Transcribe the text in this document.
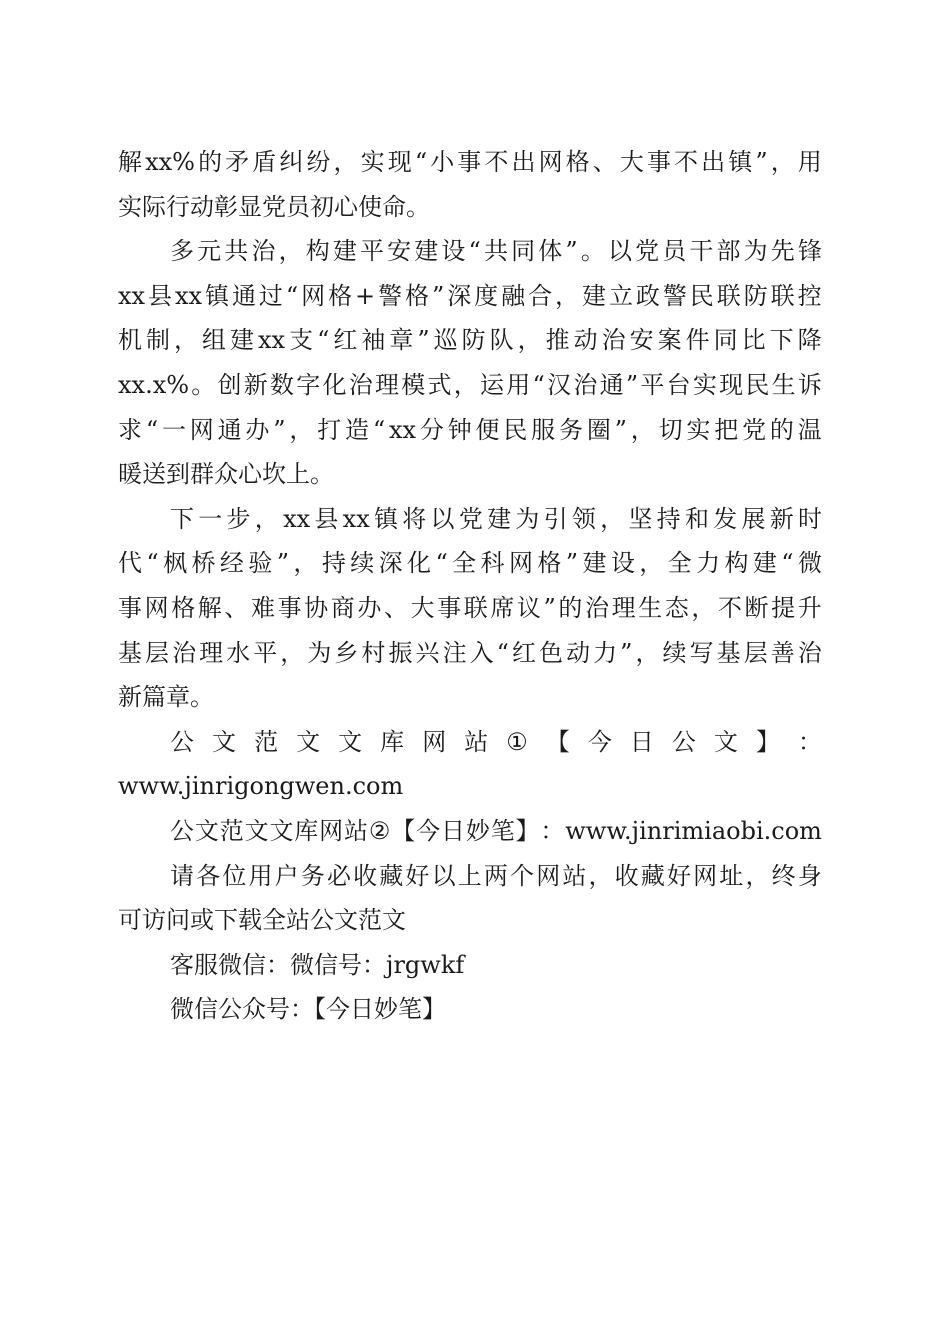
解 xx% 的 矛 盾 纠 纷 ， 实 现 “ 小 事 不 出 网 格 、 大 事 不 出 镇 ” ， 用
实际行动彰显党员初心使命。
多 元 共 治 ， 构 建 平 安 建 设 “ 共 同 体 ” 。 以 党 员 干 部 为 先 锋
xx 县 xx 镇 通 过 “ 网 格 + 警 格 ” 深 度 融 合 ， 建 立 政 警 民 联 防 联 控
机 制 ， 组 建 xx 支 “ 红 袖 章 ” 巡 防 队 ， 推 动 治 安 案 件 同 比 下 降
xx.x% 。 创 新 数 字 化 治 理 模 式 ， 运 用 “ 汉 治 通 ” 平 台 实 现 民 生 诉
求 “ 一 网 通 办 ” ， 打 造 “ xx 分 钟 便 民 服 务 圈 ” ， 切 实 把 党 的 温
暖送到群众心坎上。
下 一 步 ， xx 县 xx 镇 将 以 党 建 为 引 领 ， 坚 持 和 发 展 新 时
代 “ 枫 桥 经 验 ” ， 持 续 深 化 “ 全 科 网 格 ” 建 设 ， 全 力 构 建 “ 微
事 网 格 解 、 难 事 协 商 办 、 大 事 联 席 议 ” 的 治 理 生 态 ， 不 断 提 升
基 层 治 理 水 平 ， 为 乡 村 振 兴 注 入 “ 红 色 动 力 ” ， 续 写 基 层 善 治
新篇章。
公 文 范 文 文 库 网 站 ① 【 今 日 公 文 】 ：
www.jinrigongwen.com
公 文 范 文 文 库 网 站 ② 【 今 日 妙 笔 】 ： www.jinrimiaobi.com
请 各 位 用 户 务 必 收 藏 好 以 上 两 个 网 站 ， 收 藏 好 网 址 ， 终 身
可访问或下载全站公文范文
客服微信：微信号：jrgwkf
微信公众号：【今日妙笔】
